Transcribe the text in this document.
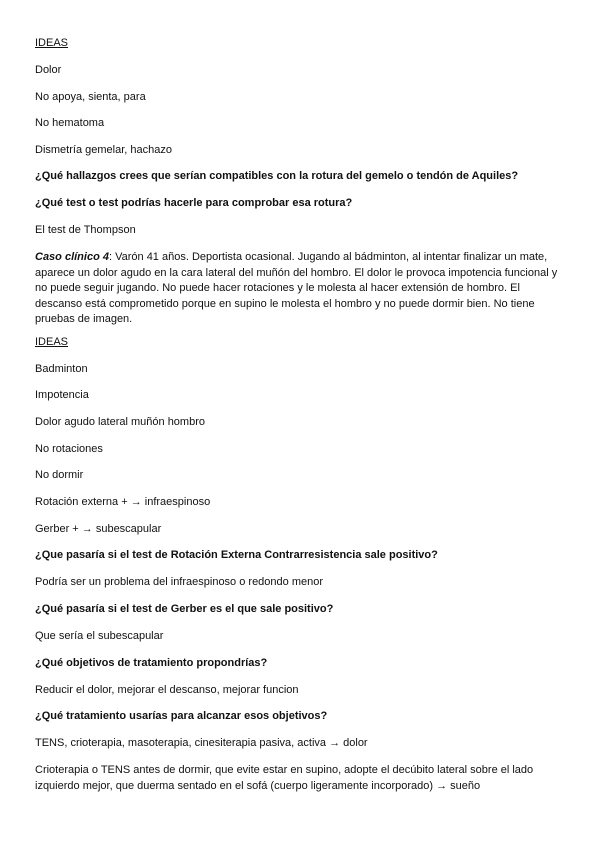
IDEAS

Dolor

No apoya, sienta, para

No hematoma

Dismetría gemelar, hachazo

¿Qué hallazgos crees que serían compatibles con la rotura del gemelo o tendón de Aquiles?

¿Qué test o test podrías hacerle para comprobar esa rotura?

El test de Thompson

Caso clínico 4: Varón 41 años. Deportista ocasional. Jugando al bádminton, al intentar finalizar un mate, aparece un dolor agudo en la cara lateral del muñón del hombro. El dolor le provoca impotencia funcional y no puede seguir jugando. No puede hacer rotaciones y le molesta al hacer extensión de hombro. El descanso está comprometido porque en supino le molesta el hombro y no puede dormir bien. No tiene pruebas de imagen.

IDEAS

Badminton

Impotencia

Dolor agudo lateral muñón hombro

No rotaciones

No dormir

Rotación externa + → infraespinoso

Gerber + → subescapular

¿Que pasaría si el test de Rotación Externa Contrarresistencia sale positivo?

Podría ser un problema del infraespinoso o redondo menor

¿Qué pasaría si el test de Gerber es el que sale positivo?

Que sería el subescapular

¿Qué objetivos de tratamiento propondrías?

Reducir el dolor, mejorar el descanso, mejorar funcion

¿Qué tratamiento usarías para alcanzar esos objetivos?

TENS, crioterapia, masoterapia, cinesiterapia pasiva, activa → dolor

Crioterapia o TENS antes de dormir, que evite estar en supino, adopte el decúbito lateral sobre el lado izquierdo mejor, que duerma sentado en el sofá (cuerpo ligeramente incorporado) → sueño
